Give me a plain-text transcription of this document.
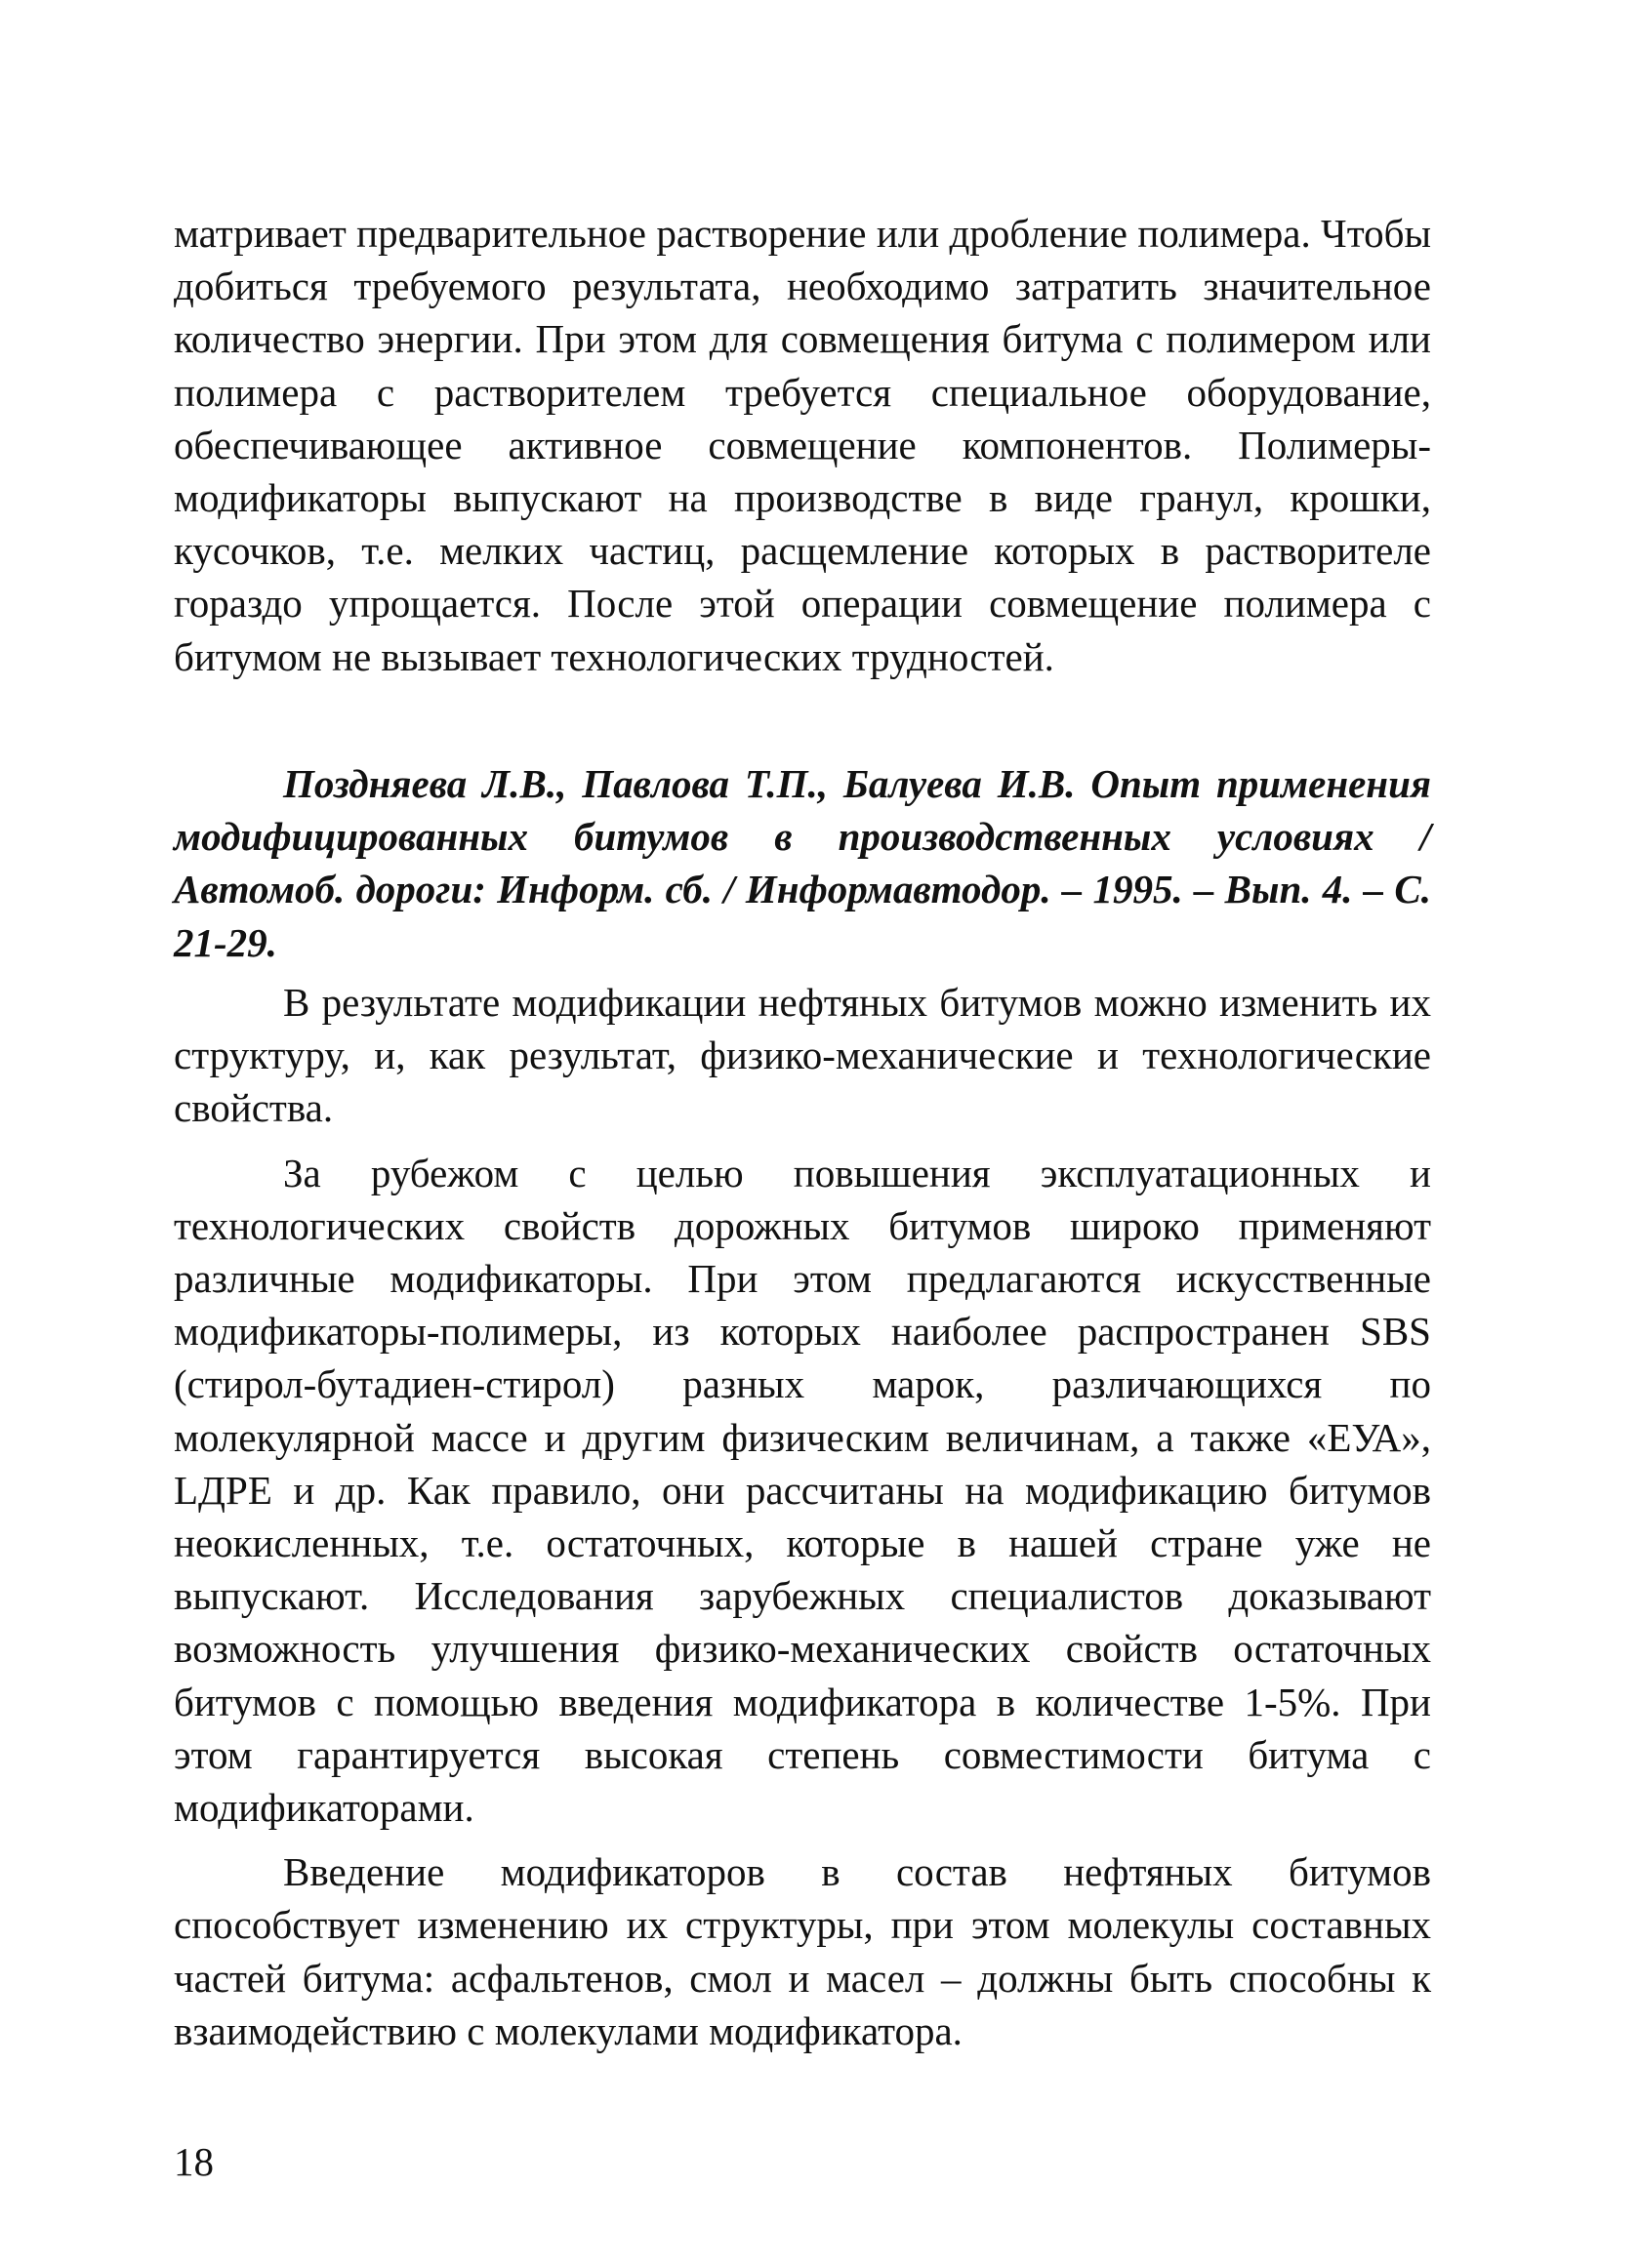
матривает предварительное растворение или дробление полимера. Чтобы добиться требуемого результата, необходимо затратить значительное количество энергии. При этом для совмещения битума с полимером или полимера с растворителем требуется специальное оборудование, обеспечивающее активное совмещение компонентов. Полимеры-модификаторы выпускают на производстве в виде гранул, крошки, кусочков, т.е. мелких частиц, расщемление которых в растворителе гораздо упрощается. После этой операции совмещение полимера с битумом не вызывает технологических трудностей.

Поздняева Л.В., Павлова Т.П., Балуева И.В. Опыт применения модифицированных битумов в производственных условиях / Автомоб. дороги: Информ. сб. / Информавтодор. – 1995. – Вып. 4. – С. 21-29.

В результате модификации нефтяных битумов можно изменить их структуру, и, как результат, физико-механические и технологические свойства.

За рубежом с целью повышения эксплуатационных и технологических свойств дорожных битумов широко применяют различные модификаторы. При этом предлагаются искусственные модификаторы-полимеры, из которых наиболее распространен SBS (стирол-бутадиен-стирол) разных марок, различающихся по молекулярной массе и другим физическим величинам, а также «ЕУА», LДРЕ и др. Как правило, они рассчитаны на модификацию битумов неокисленных, т.е. остаточных, которые в нашей стране уже не выпускают. Исследования зарубежных специалистов доказывают возможность улучшения физико-механических свойств остаточных битумов с помощью введения модификатора в количестве 1-5%. При этом гарантируется высокая степень совместимости битума с модификаторами.

Введение модификаторов в состав нефтяных битумов способствует изменению их структуры, при этом молекулы составных частей битума: асфальтенов, смол и масел – должны быть способны к взаимодействию с молекулами модификатора.

18
